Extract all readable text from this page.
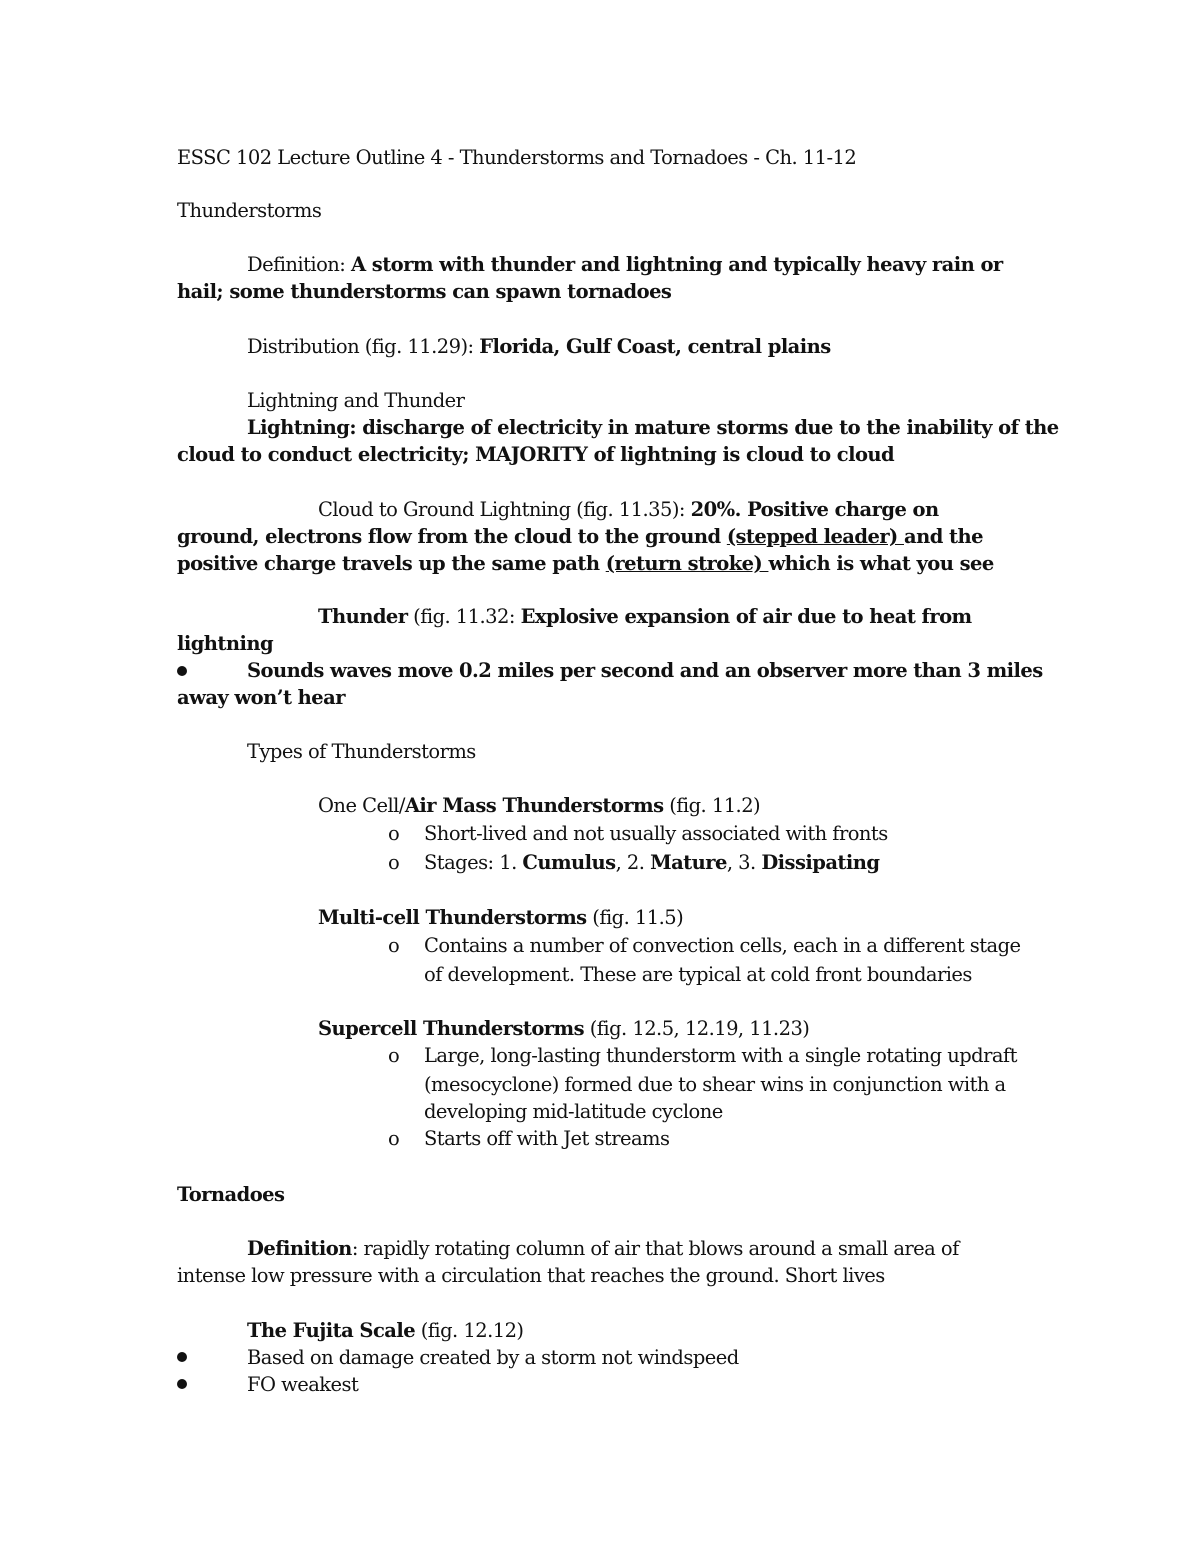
ESSC 102 Lecture Outline 4 - Thunderstorms and Tornadoes - Ch. 11-12
Thunderstorms
Definition: A storm with thunder and lightning and typically heavy rain or
hail; some thunderstorms can spawn tornadoes
Distribution (fig. 11.29): Florida, Gulf Coast, central plains
Lightning and Thunder
Lightning: discharge of electricity in mature storms due to the inability of the
cloud to conduct electricity; MAJORITY of lightning is cloud to cloud
Cloud to Ground Lightning (fig. 11.35): 20%. Positive charge on
ground, electrons flow from the cloud to the ground (stepped leader) and the
positive charge travels up the same path (return stroke) which is what you see
Thunder (fig. 11.32: Explosive expansion of air due to heat from
lightning
Sounds waves move 0.2 miles per second and an observer more than 3 miles
away won’t hear
Types of Thunderstorms
One Cell/Air Mass Thunderstorms (fig. 11.2)
o Short-lived and not usually associated with fronts
o Stages: 1. Cumulus, 2. Mature, 3. Dissipating
Multi-cell Thunderstorms (fig. 11.5)
o Contains a number of convection cells, each in a different stage
of development. These are typical at cold front boundaries
Supercell Thunderstorms (fig. 12.5, 12.19, 11.23)
o Large, long-lasting thunderstorm with a single rotating updraft
(mesocyclone) formed due to shear wins in conjunction with a
developing mid-latitude cyclone
o Starts off with Jet streams
Tornadoes
Definition: rapidly rotating column of air that blows around a small area of
intense low pressure with a circulation that reaches the ground. Short lives
The Fujita Scale (fig. 12.12)
Based on damage created by a storm not windspeed
FO weakest
